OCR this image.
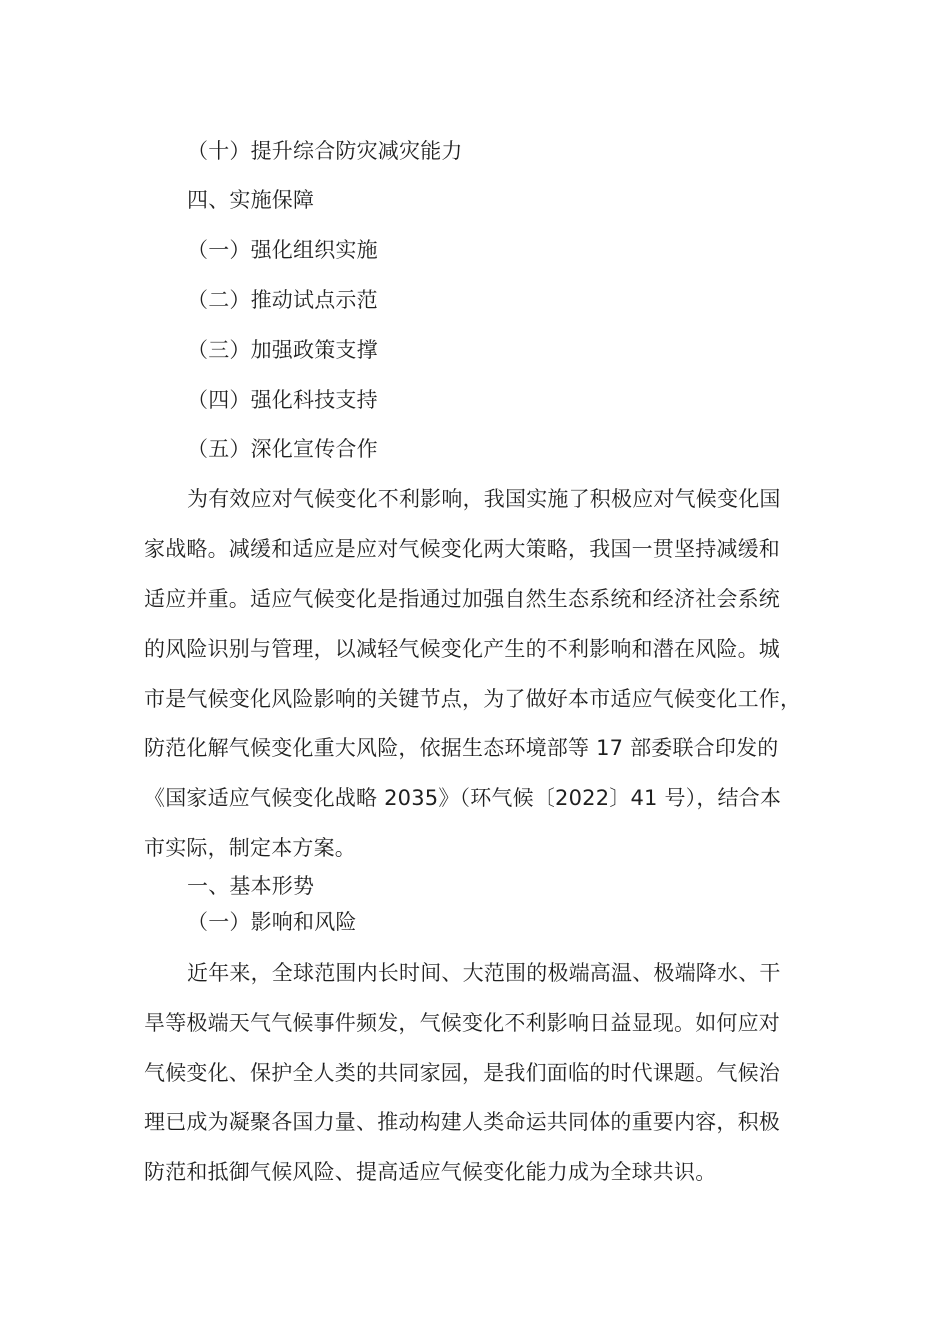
（十）提升综合防灾减灾能力
四、实施保障
（一）强化组织实施
（二）推动试点示范
（三）加强政策支撑
（四）强化科技支持
（五）深化宣传合作
为有效应对气候变化不利影响，我国实施了积极应对气候变化国
家战略。减缓和适应是应对气候变化两大策略，我国一贯坚持减缓和
适应并重。适应气候变化是指通过加强自然生态系统和经济社会系统
的风险识别与管理，以减轻气候变化产生的不利影响和潜在风险。城
市是气候变化风险影响的关键节点，为了做好本市适应气候变化工作，
防范化解气候变化重大风险，依据生态环境部等 17 部委联合印发的
《国家适应气候变化战略 2035》（环气候〔2022〕41 号），结合本
市实际，制定本方案。
一、基本形势
（一）影响和风险
近年来，全球范围内长时间、大范围的极端高温、极端降水、干
旱等极端天气气候事件频发，气候变化不利影响日益显现。如何应对
气候变化、保护全人类的共同家园，是我们面临的时代课题。气候治
理已成为凝聚各国力量、推动构建人类命运共同体的重要内容，积极
防范和抵御气候风险、提高适应气候变化能力成为全球共识。
